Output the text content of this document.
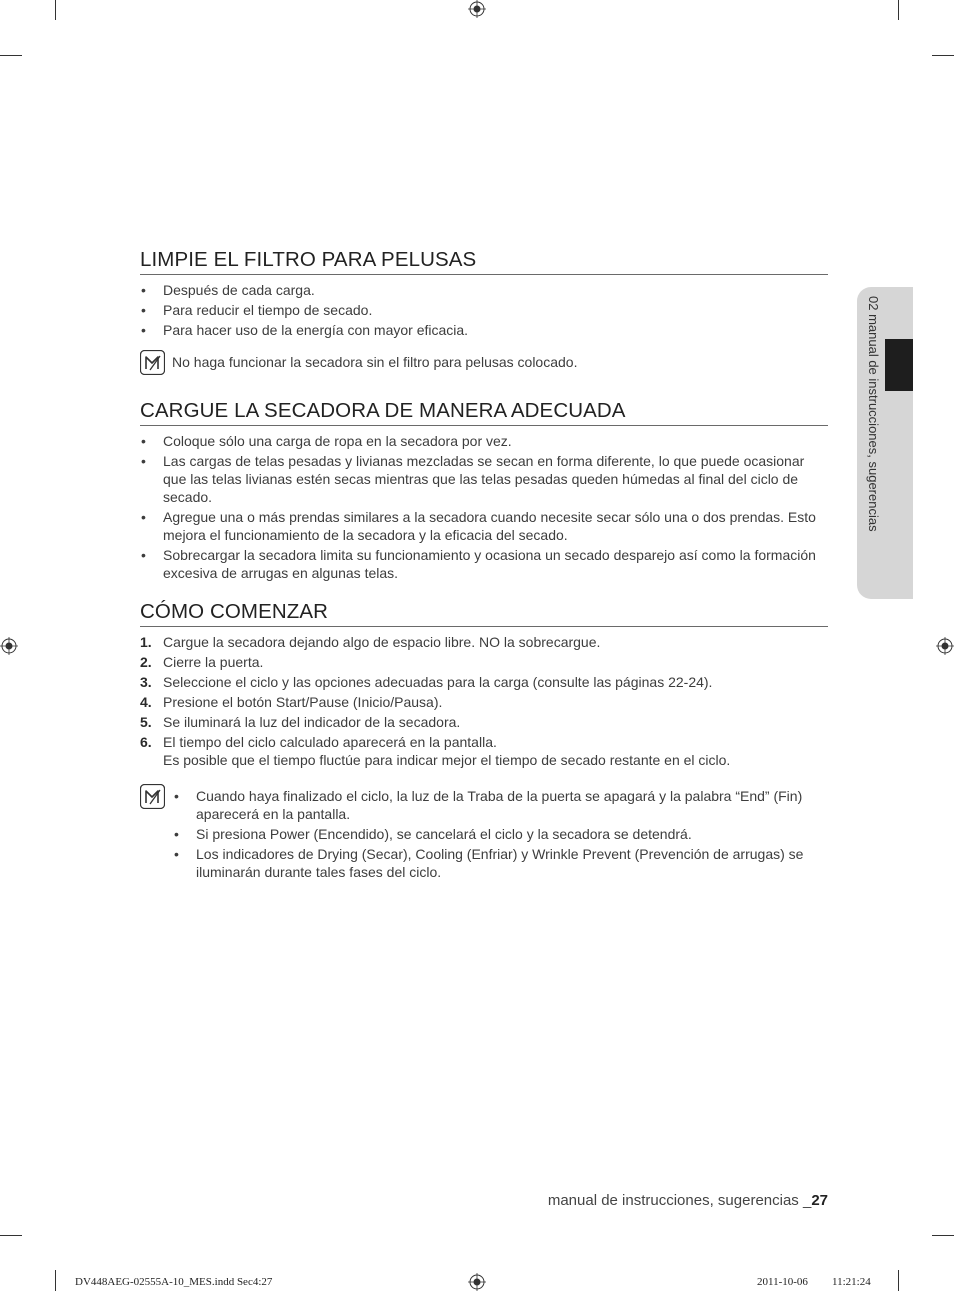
02 manual de instrucciones, sugerencias
LIMPIE EL FILTRO PARA PELUSAS
• Después de cada carga.
• Para reducir el tiempo de secado.
• Para hacer uso de la energía con mayor eficacia.
No haga funcionar la secadora sin el filtro para pelusas colocado.
CARGUE LA SECADORA DE MANERA ADECUADA
• Coloque sólo una carga de ropa en la secadora por vez.
• Las cargas de telas pesadas y livianas mezcladas se secan en forma diferente, lo que puede ocasionar que las telas livianas estén secas mientras que las telas pesadas queden húmedas al final del ciclo de secado.
• Agregue una o más prendas similares a la secadora cuando necesite secar sólo una o dos prendas. Esto mejora el funcionamiento de la secadora y la eficacia del secado.
• Sobrecargar la secadora limita su funcionamiento y ocasiona un secado desparejo así como la formación excesiva de arrugas en algunas telas.
CÓMO COMENZAR
1. Cargue la secadora dejando algo de espacio libre. NO la sobrecargue.
2. Cierre la puerta.
3. Seleccione el ciclo y las opciones adecuadas para la carga (consulte las páginas 22-24).
4. Presione el botón Start/Pause (Inicio/Pausa).
5. Se iluminará la luz del indicador de la secadora.
6. El tiempo del ciclo calculado aparecerá en la pantalla.
Es posible que el tiempo fluctúe para indicar mejor el tiempo de secado restante en el ciclo.
• Cuando haya finalizado el ciclo, la luz de la Traba de la puerta se apagará y la palabra “End” (Fin) aparecerá en la pantalla.
• Si presiona Power (Encendido), se cancelará el ciclo y la secadora se detendrá.
• Los indicadores de Drying (Secar), Cooling (Enfriar) y Wrinkle Prevent (Prevención de arrugas) se iluminarán durante tales fases del ciclo.
manual de instrucciones, sugerencias _27
DV448AEG-02555A-10_MES.indd Sec4:27	2011-10-06 11:21:24
